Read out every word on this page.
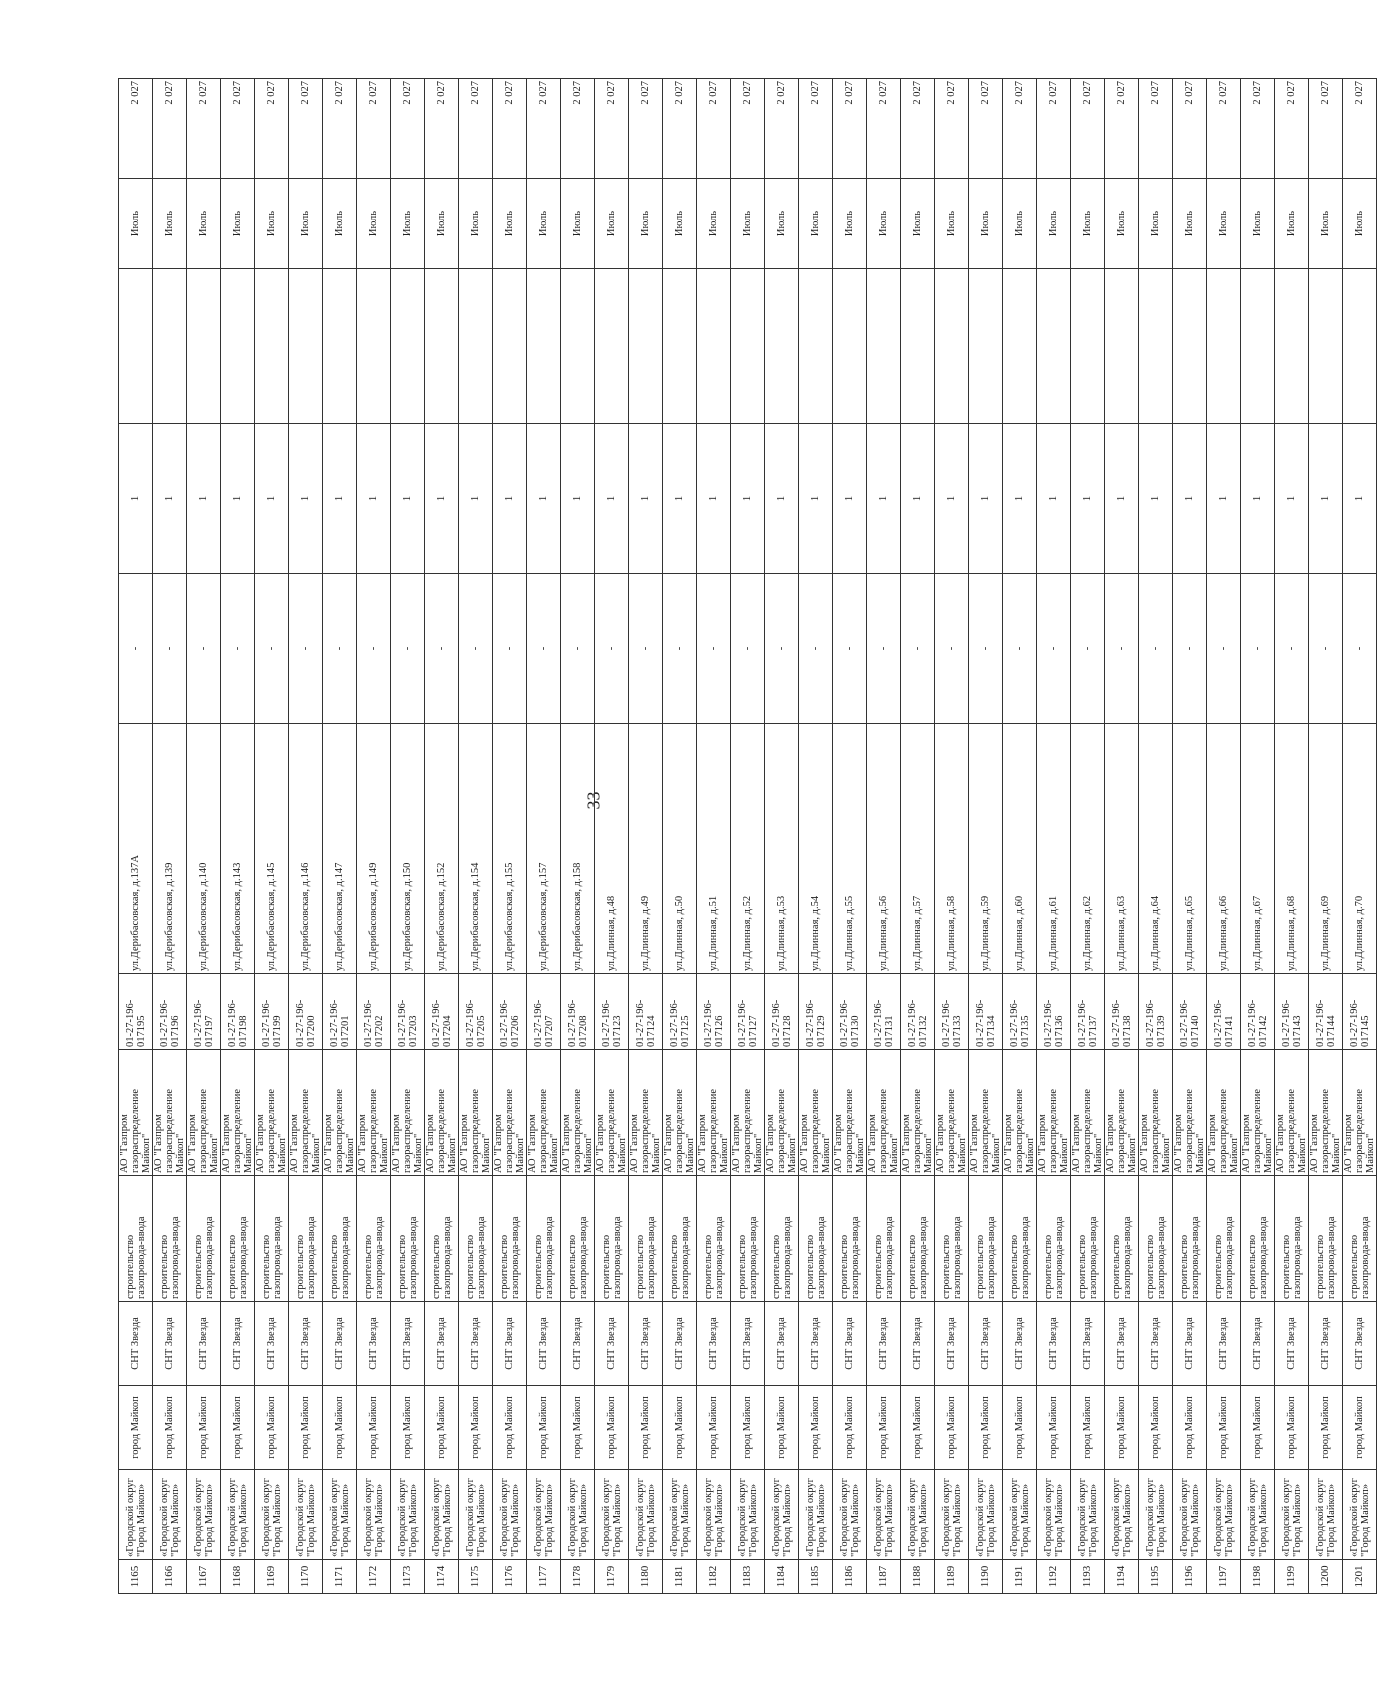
33
1165	«Городской округ "Город Майкоп»	город Майкоп	СНТ Звезда	строительство газопровода-ввода	АО "Газпром газораспределение Майкоп"	01-27-196-017195	ул.Дерибасовская, д.137А	-	1		Июль	2 027
1166	«Городской округ "Город Майкоп»	город Майкоп	СНТ Звезда	строительство газопровода-ввода	АО "Газпром газораспределение Майкоп"	01-27-196-017196	ул.Дерибасовская, д.139	-	1		Июль	2 027
1167	«Городской округ "Город Майкоп»	город Майкоп	СНТ Звезда	строительство газопровода-ввода	АО "Газпром газораспределение Майкоп"	01-27-196-017197	ул.Дерибасовская, д.140	-	1		Июль	2 027
1168	«Городской округ "Город Майкоп»	город Майкоп	СНТ Звезда	строительство газопровода-ввода	АО "Газпром газораспределение Майкоп"	01-27-196-017198	ул.Дерибасовская, д.143	-	1		Июль	2 027
1169	«Городской округ "Город Майкоп»	город Майкоп	СНТ Звезда	строительство газопровода-ввода	АО "Газпром газораспределение Майкоп"	01-27-196-017199	ул.Дерибасовская, д.145	-	1		Июль	2 027
1170	«Городской округ "Город Майкоп»	город Майкоп	СНТ Звезда	строительство газопровода-ввода	АО "Газпром газораспределение Майкоп"	01-27-196-017200	ул.Дерибасовская, д.146	-	1		Июль	2 027
1171	«Городской округ "Город Майкоп»	город Майкоп	СНТ Звезда	строительство газопровода-ввода	АО "Газпром газораспределение Майкоп"	01-27-196-017201	ул.Дерибасовская, д.147	-	1		Июль	2 027
1172	«Городской округ "Город Майкоп»	город Майкоп	СНТ Звезда	строительство газопровода-ввода	АО "Газпром газораспределение Майкоп"	01-27-196-017202	ул.Дерибасовская, д.149	-	1		Июль	2 027
1173	«Городской округ "Город Майкоп»	город Майкоп	СНТ Звезда	строительство газопровода-ввода	АО "Газпром газораспределение Майкоп"	01-27-196-017203	ул.Дерибасовская, д.150	-	1		Июль	2 027
1174	«Городской округ "Город Майкоп»	город Майкоп	СНТ Звезда	строительство газопровода-ввода	АО "Газпром газораспределение Майкоп"	01-27-196-017204	ул.Дерибасовская, д.152	-	1		Июль	2 027
1175	«Городской округ "Город Майкоп»	город Майкоп	СНТ Звезда	строительство газопровода-ввода	АО "Газпром газораспределение Майкоп"	01-27-196-017205	ул.Дерибасовская, д.154	-	1		Июль	2 027
1176	«Городской округ "Город Майкоп»	город Майкоп	СНТ Звезда	строительство газопровода-ввода	АО "Газпром газораспределение Майкоп"	01-27-196-017206	ул.Дерибасовская, д.155	-	1		Июль	2 027
1177	«Городской округ "Город Майкоп»	город Майкоп	СНТ Звезда	строительство газопровода-ввода	АО "Газпром газораспределение Майкоп"	01-27-196-017207	ул.Дерибасовская, д.157	-	1		Июль	2 027
1178	«Городской округ "Город Майкоп»	город Майкоп	СНТ Звезда	строительство газопровода-ввода	АО "Газпром газораспределение Майкоп"	01-27-196-017208	ул.Дерибасовская, д.158	-	1		Июль	2 027
1179	«Городской округ "Город Майкоп»	город Майкоп	СНТ Звезда	строительство газопровода-ввода	АО "Газпром газораспределение Майкоп"	01-27-196-017123	ул.Длинная, д.48	-	1		Июль	2 027
1180	«Городской округ "Город Майкоп»	город Майкоп	СНТ Звезда	строительство газопровода-ввода	АО "Газпром газораспределение Майкоп"	01-27-196-017124	ул.Длинная, д.49	-	1		Июль	2 027
1181	«Городской округ "Город Майкоп»	город Майкоп	СНТ Звезда	строительство газопровода-ввода	АО "Газпром газораспределение Майкоп"	01-27-196-017125	ул.Длинная, д.50	-	1		Июль	2 027
1182	«Городской округ "Город Майкоп»	город Майкоп	СНТ Звезда	строительство газопровода-ввода	АО "Газпром газораспределение Майкоп"	01-27-196-017126	ул.Длинная, д.51	-	1		Июль	2 027
1183	«Городской округ "Город Майкоп»	город Майкоп	СНТ Звезда	строительство газопровода-ввода	АО "Газпром газораспределение Майкоп"	01-27-196-017127	ул.Длинная, д.52	-	1		Июль	2 027
1184	«Городской округ "Город Майкоп»	город Майкоп	СНТ Звезда	строительство газопровода-ввода	АО "Газпром газораспределение Майкоп"	01-27-196-017128	ул.Длинная, д.53	-	1		Июль	2 027
1185	«Городской округ "Город Майкоп»	город Майкоп	СНТ Звезда	строительство газопровода-ввода	АО "Газпром газораспределение Майкоп"	01-27-196-017129	ул.Длинная, д.54	-	1		Июль	2 027
1186	«Городской округ "Город Майкоп»	город Майкоп	СНТ Звезда	строительство газопровода-ввода	АО "Газпром газораспределение Майкоп"	01-27-196-017130	ул.Длинная, д.55	-	1		Июль	2 027
1187	«Городской округ "Город Майкоп»	город Майкоп	СНТ Звезда	строительство газопровода-ввода	АО "Газпром газораспределение Майкоп"	01-27-196-017131	ул.Длинная, д.56	-	1		Июль	2 027
1188	«Городской округ "Город Майкоп»	город Майкоп	СНТ Звезда	строительство газопровода-ввода	АО "Газпром газораспределение Майкоп"	01-27-196-017132	ул.Длинная, д.57	-	1		Июль	2 027
1189	«Городской округ "Город Майкоп»	город Майкоп	СНТ Звезда	строительство газопровода-ввода	АО "Газпром газораспределение Майкоп"	01-27-196-017133	ул.Длинная, д.58	-	1		Июль	2 027
1190	«Городской округ "Город Майкоп»	город Майкоп	СНТ Звезда	строительство газопровода-ввода	АО "Газпром газораспределение Майкоп"	01-27-196-017134	ул.Длинная, д.59	-	1		Июль	2 027
1191	«Городской округ "Город Майкоп»	город Майкоп	СНТ Звезда	строительство газопровода-ввода	АО "Газпром газораспределение Майкоп"	01-27-196-017135	ул.Длинная, д.60	-	1		Июль	2 027
1192	«Городской округ "Город Майкоп»	город Майкоп	СНТ Звезда	строительство газопровода-ввода	АО "Газпром газораспределение Майкоп"	01-27-196-017136	ул.Длинная, д.61	-	1		Июль	2 027
1193	«Городской округ "Город Майкоп»	город Майкоп	СНТ Звезда	строительство газопровода-ввода	АО "Газпром газораспределение Майкоп"	01-27-196-017137	ул.Длинная, д.62	-	1		Июль	2 027
1194	«Городской округ "Город Майкоп»	город Майкоп	СНТ Звезда	строительство газопровода-ввода	АО "Газпром газораспределение Майкоп"	01-27-196-017138	ул.Длинная, д.63	-	1		Июль	2 027
1195	«Городской округ "Город Майкоп»	город Майкоп	СНТ Звезда	строительство газопровода-ввода	АО "Газпром газораспределение Майкоп"	01-27-196-017139	ул.Длинная, д.64	-	1		Июль	2 027
1196	«Городской округ "Город Майкоп»	город Майкоп	СНТ Звезда	строительство газопровода-ввода	АО "Газпром газораспределение Майкоп"	01-27-196-017140	ул.Длинная, д.65	-	1		Июль	2 027
1197	«Городской округ "Город Майкоп»	город Майкоп	СНТ Звезда	строительство газопровода-ввода	АО "Газпром газораспределение Майкоп"	01-27-196-017141	ул.Длинная, д.66	-	1		Июль	2 027
1198	«Городской округ "Город Майкоп»	город Майкоп	СНТ Звезда	строительство газопровода-ввода	АО "Газпром газораспределение Майкоп"	01-27-196-017142	ул.Длинная, д.67	-	1		Июль	2 027
1199	«Городской округ "Город Майкоп»	город Майкоп	СНТ Звезда	строительство газопровода-ввода	АО "Газпром газораспределение Майкоп"	01-27-196-017143	ул.Длинная, д.68	-	1		Июль	2 027
1200	«Городской округ "Город Майкоп»	город Майкоп	СНТ Звезда	строительство газопровода-ввода	АО "Газпром газораспределение Майкоп"	01-27-196-017144	ул.Длинная, д.69	-	1		Июль	2 027
1201	«Городской округ "Город Майкоп»	город Майкоп	СНТ Звезда	строительство газопровода-ввода	АО "Газпром газораспределение Майкоп"	01-27-196-017145	ул.Длинная, д.70	-	1		Июль	2 027
